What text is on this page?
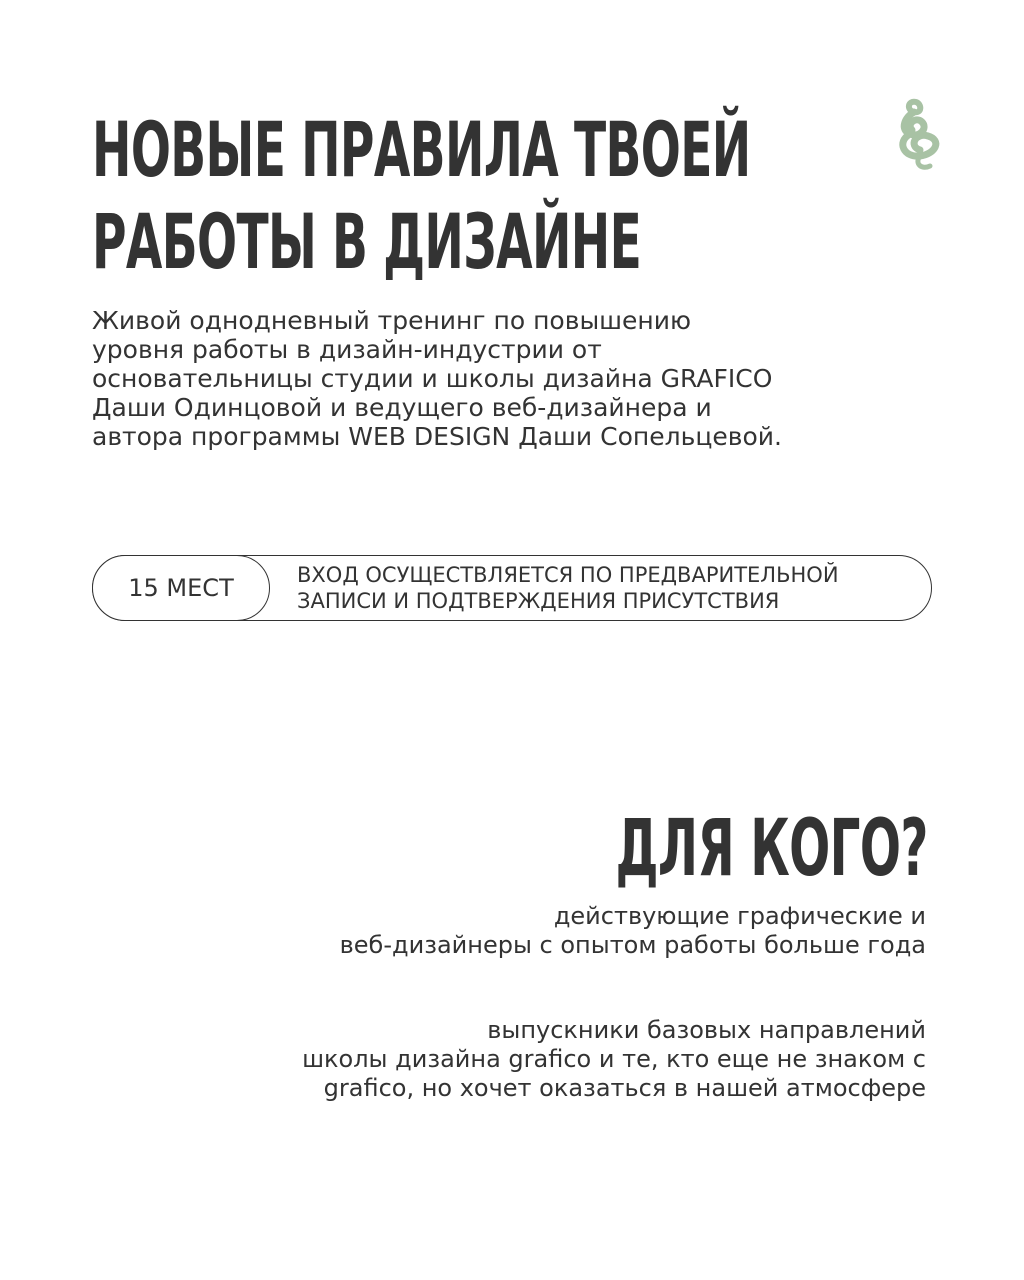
НОВЫЕ ПРАВИЛА ТВОЕЙ
РАБОТЫ В ДИЗАЙНЕ

Живой однодневный тренинг по повышению
уровня работы в дизайн-индустрии от
основательницы студии и школы дизайна GRAFICO
Даши Одинцовой и ведущего веб-дизайнера и
автора программы WEB DESIGN Даши Сопельцевой.

15 МЕСТ	ВХОД ОСУЩЕСТВЛЯЕТСЯ ПО ПРЕДВАРИТЕЛЬНОЙ
ЗАПИСИ И ПОДТВЕРЖДЕНИЯ ПРИСУТСТВИЯ

ДЛЯ КОГО?

действующие графические и
веб-дизайнеры с опытом работы больше года

выпускники базовых направлений
школы дизайна grafico и те, кто еще не знаком с
grafico, но хочет оказаться в нашей атмосфере
